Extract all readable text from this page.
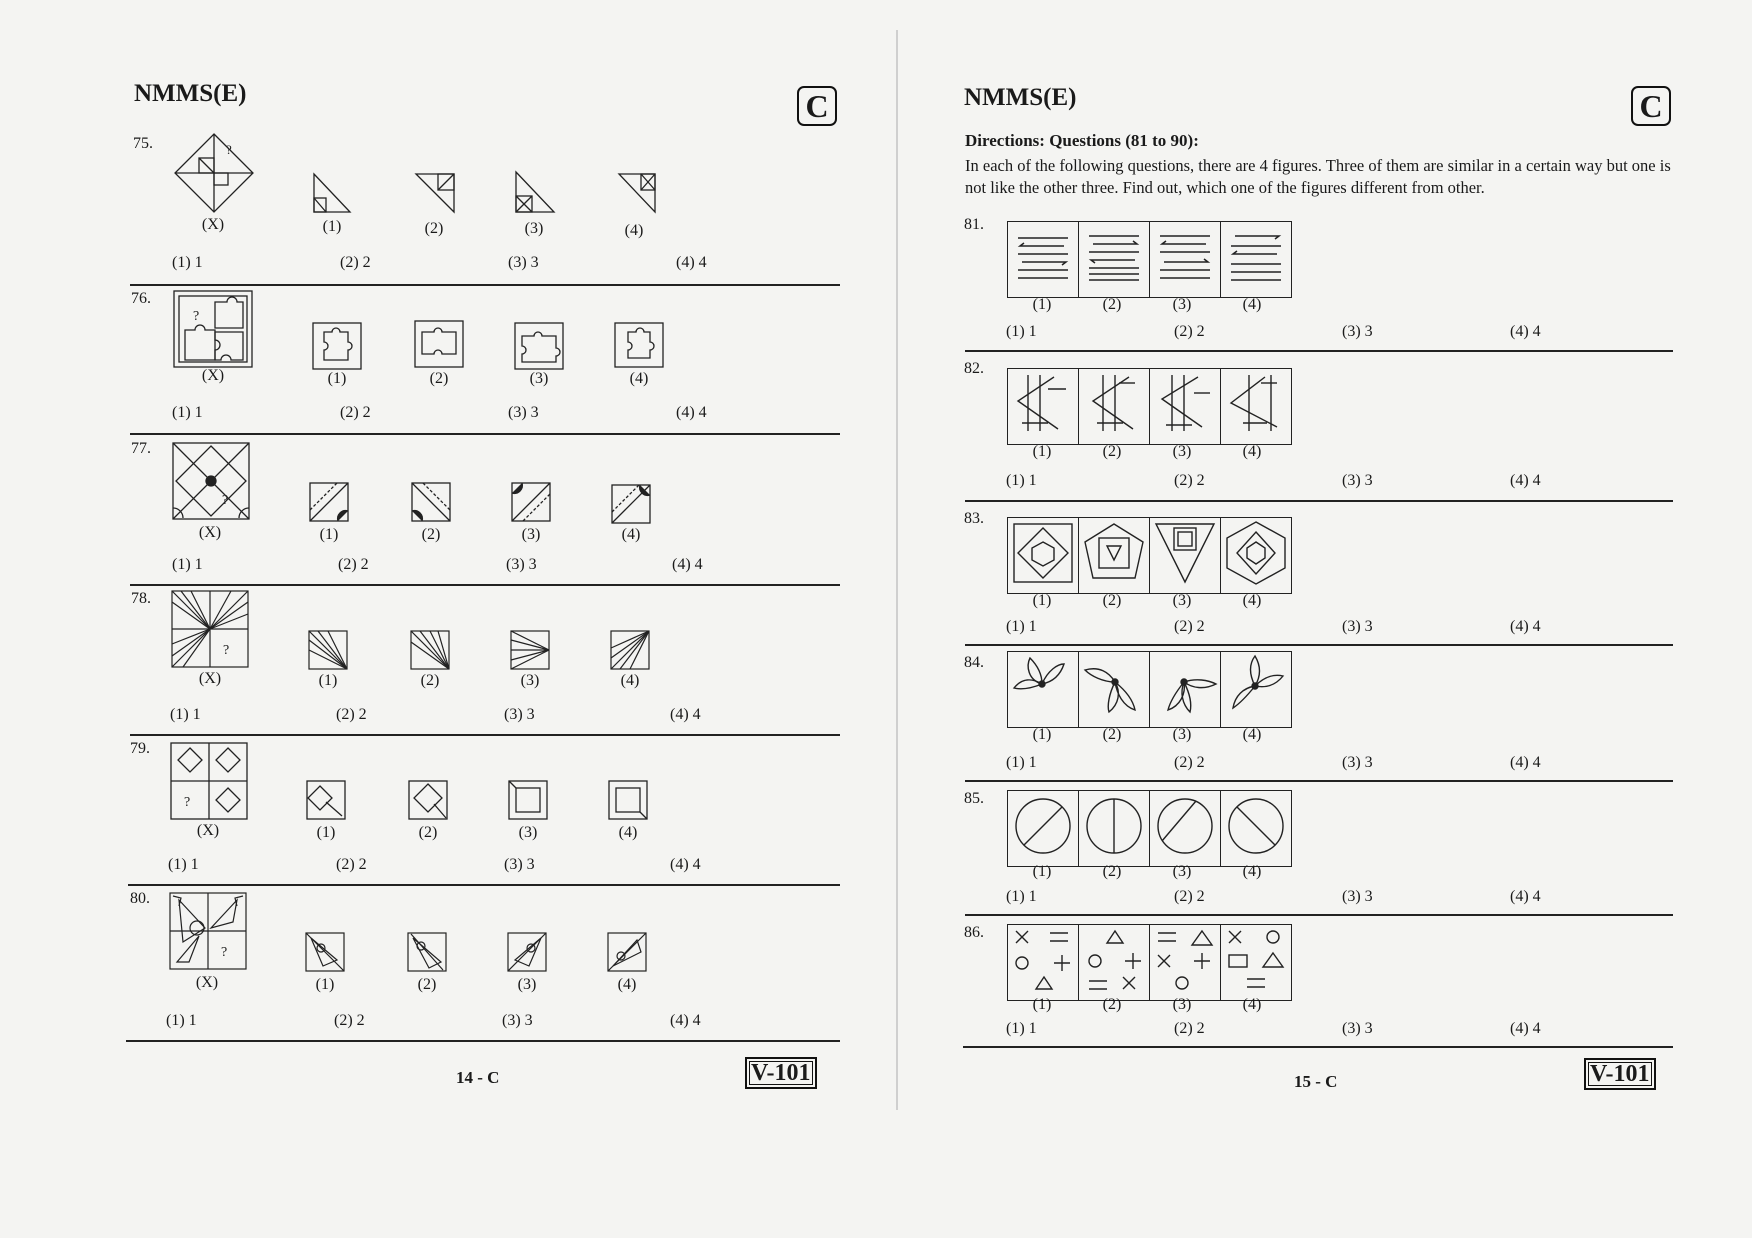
NMMS(E)	C
75.	?
(X)	(1)	(2)	(3)	(4)
(1) 1	(2) 2	(3) 3	(4) 4
76.
?
(X)	(1)	(2)	(3)	(4)
(1) 1	(2) 2	(3) 3	(4) 4
77.
?
(X)	(1)	(2)	(3)	(4)
(1) 1	(2) 2	(3) 3	(4) 4
78.
?
(X)	(1)	(2)	(3)	(4)
(1) 1	(2) 2	(3) 3	(4) 4
79.
?
(X)	(1)	(2)	(3)	(4)
(1) 1	(2) 2	(3) 3	(4) 4
80.
?
(X)	(1)	(2)	(3)	(4)
(1) 1	(2) 2	(3) 3	(4) 4
14 - C	V-101
NMMS(E)	C
Directions: Questions (81 to 90):
In each of the following questions, there are 4 figures. Three of them are similar in a certain way but one is not like the other three. Find out, which one of the figures different from other.
81.
(1)	(2)	(3)	(4)
(1) 1	(2) 2	(3) 3	(4) 4
82.
(1)	(2)	(3)	(4)
(1) 1	(2) 2	(3) 3	(4) 4
83.
(1)	(2)	(3)	(4)
(1) 1	(2) 2	(3) 3	(4) 4
84.
(1)	(2)	(3)	(4)
(1) 1	(2) 2	(3) 3	(4) 4
85.
(1)	(2)	(3)	(4)
(1) 1	(2) 2	(3) 3	(4) 4
86.
(1)	(2)	(3)	(4)
(1) 1	(2) 2	(3) 3	(4) 4
15 - C	V-101
